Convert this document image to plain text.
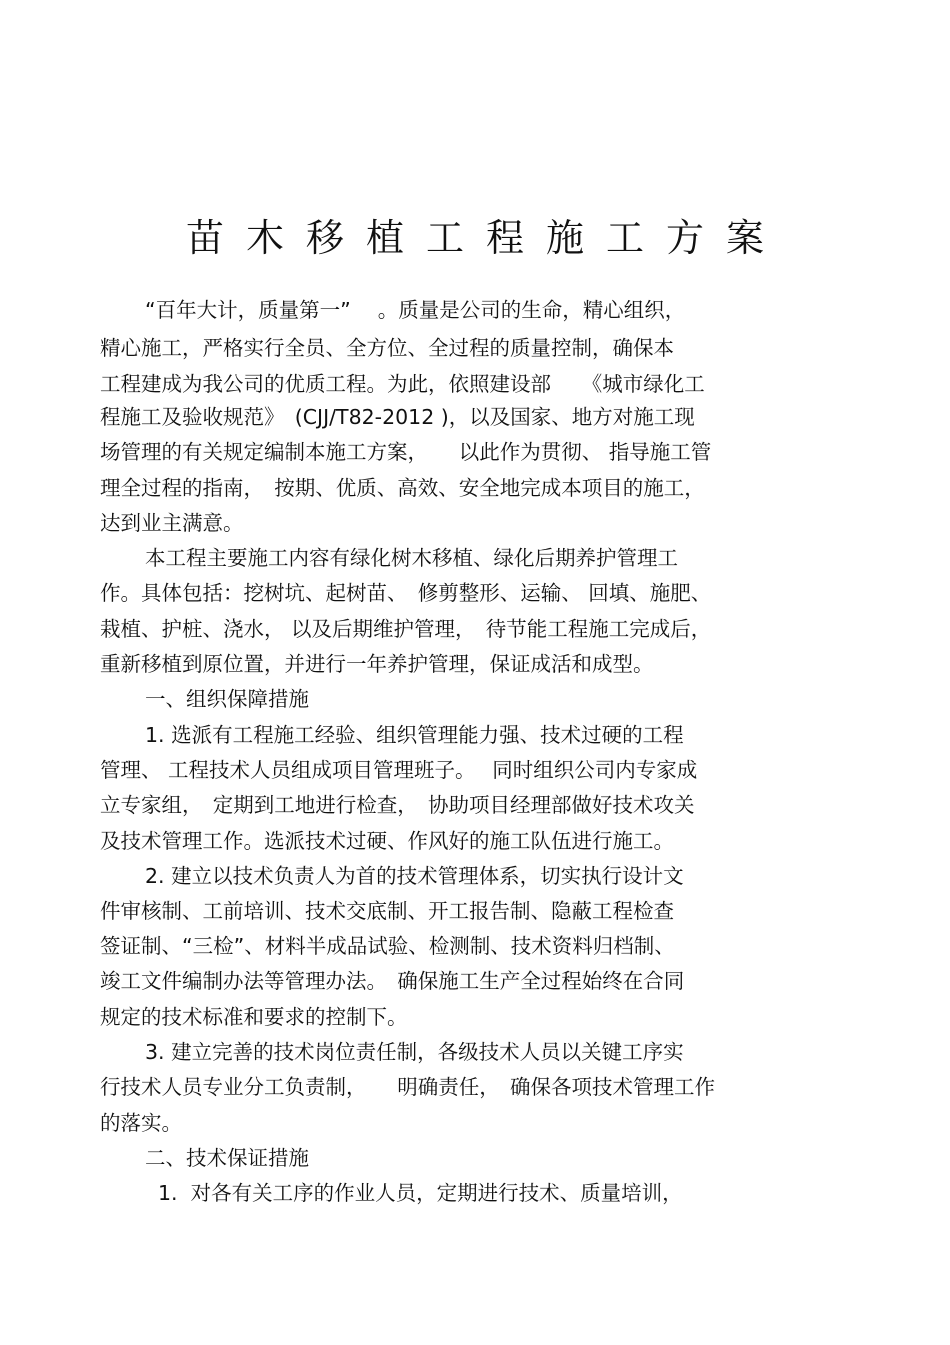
苗木移植工程施工方案
“百年大计，质量第一”　 。质量是公司的生命，精心组织，
精心施工，严格实行全员、全方位、全过程的质量控制，确保本
工程建成为我公司的优质工程。为此，依照建设部　　《城市绿化工
程施工及验收规范》　(CJJ/T82-2012 )，以及国家、地方对施工现
场管理的有关规定编制本施工方案，　　以此作为贯彻、 指导施工管
理全过程的指南，　按期、优质、高效、安全地完成本项目的施工，
达到业主满意。
本工程主要施工内容有绿化树木移植、绿化后期养护管理工
作。具体包括：挖树坑、起树苗、　修剪整形、运输、 回填、施肥、
栽植、护桩、浇水， 以及后期维护管理，　待节能工程施工完成后，
重新移植到原位置，并进行一年养护管理，保证成活和成型。
一、组织保障措施
1. 选派有工程施工经验、组织管理能力强、技术过硬的工程
管理、 工程技术人员组成项目管理班子。　 同时组织公司内专家成
立专家组，　定期到工地进行检查，　协助项目经理部做好技术攻关
及技术管理工作。选派技术过硬、作风好的施工队伍进行施工。
2. 建立以技术负责人为首的技术管理体系，切实执行设计文
件审核制、工前培训、技术交底制、开工报告制、隐蔽工程检查
签证制、“三检”、材料半成品试验、检测制、技术资料归档制、
竣工文件编制办法等管理办法。　确保施工生产全过程始终在合同
规定的技术标准和要求的控制下。
3. 建立完善的技术岗位责任制，各级技术人员以关键工序实
行技术人员专业分工负责制，　　明确责任，　确保各项技术管理工作
的落实。
二、技术保证措施
1.  对各有关工序的作业人员，定期进行技术、质量培训，
